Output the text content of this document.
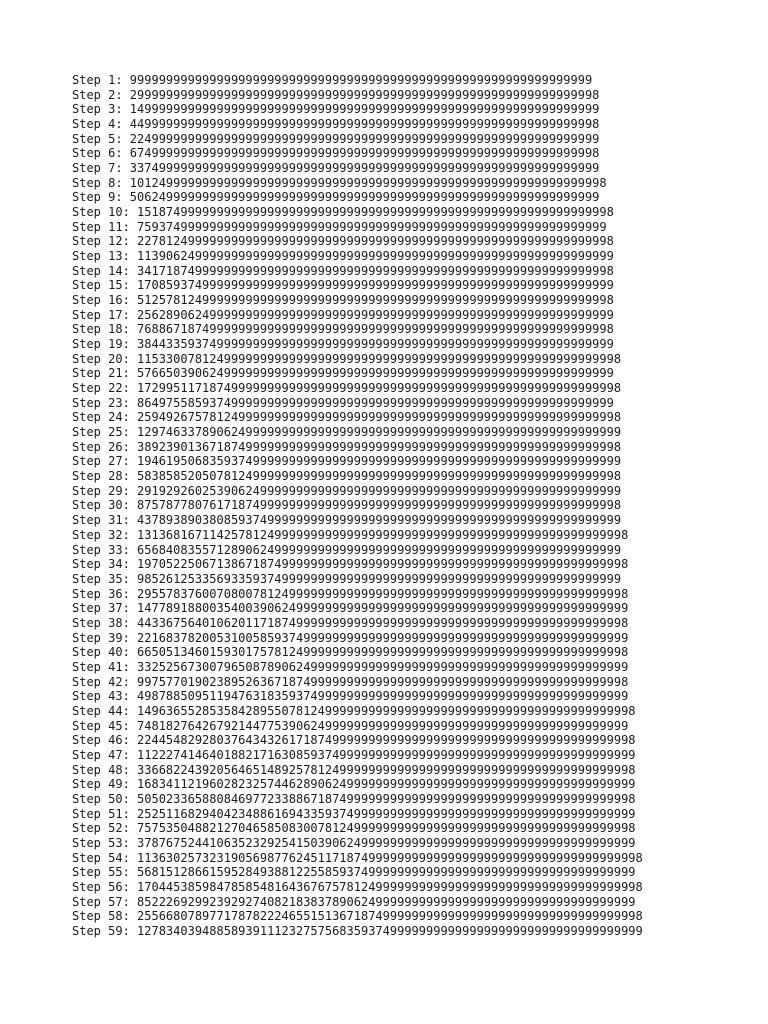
Step 1: 9999999999999999999999999999999999999999999999999999999999999999
Step 2: 29999999999999999999999999999999999999999999999999999999999999998
Step 3: 14999999999999999999999999999999999999999999999999999999999999999
Step 4: 44999999999999999999999999999999999999999999999999999999999999998
Step 5: 22499999999999999999999999999999999999999999999999999999999999999
Step 6: 67499999999999999999999999999999999999999999999999999999999999998
Step 7: 33749999999999999999999999999999999999999999999999999999999999999
Step 8: 101249999999999999999999999999999999999999999999999999999999999998
Step 9: 50624999999999999999999999999999999999999999999999999999999999999
Step 10: 151874999999999999999999999999999999999999999999999999999999999998
Step 11: 75937499999999999999999999999999999999999999999999999999999999999
Step 12: 227812499999999999999999999999999999999999999999999999999999999998
Step 13: 113906249999999999999999999999999999999999999999999999999999999999
Step 14: 341718749999999999999999999999999999999999999999999999999999999998
Step 15: 170859374999999999999999999999999999999999999999999999999999999999
Step 16: 512578124999999999999999999999999999999999999999999999999999999998
Step 17: 256289062499999999999999999999999999999999999999999999999999999999
Step 18: 768867187499999999999999999999999999999999999999999999999999999998
Step 19: 384433593749999999999999999999999999999999999999999999999999999999
Step 20: 1153300781249999999999999999999999999999999999999999999999999999998
Step 21: 576650390624999999999999999999999999999999999999999999999999999999
Step 22: 1729951171874999999999999999999999999999999999999999999999999999998
Step 23: 864975585937499999999999999999999999999999999999999999999999999999
Step 24: 2594926757812499999999999999999999999999999999999999999999999999998
Step 25: 1297463378906249999999999999999999999999999999999999999999999999999
Step 26: 3892390136718749999999999999999999999999999999999999999999999999998
Step 27: 1946195068359374999999999999999999999999999999999999999999999999999
Step 28: 5838585205078124999999999999999999999999999999999999999999999999998
Step 29: 2919292602539062499999999999999999999999999999999999999999999999999
Step 30: 8757877807617187499999999999999999999999999999999999999999999999998
Step 31: 4378938903808593749999999999999999999999999999999999999999999999999
Step 32: 13136816711425781249999999999999999999999999999999999999999999999998
Step 33: 6568408355712890624999999999999999999999999999999999999999999999999
Step 34: 19705225067138671874999999999999999999999999999999999999999999999998
Step 35: 9852612533569335937499999999999999999999999999999999999999999999999
Step 36: 29557837600708007812499999999999999999999999999999999999999999999998
Step 37: 14778918800354003906249999999999999999999999999999999999999999999999
Step 38: 44336756401062011718749999999999999999999999999999999999999999999998
Step 39: 22168378200531005859374999999999999999999999999999999999999999999999
Step 40: 66505134601593017578124999999999999999999999999999999999999999999998
Step 41: 33252567300796508789062499999999999999999999999999999999999999999999
Step 42: 99757701902389526367187499999999999999999999999999999999999999999998
Step 43: 49878850951194763183593749999999999999999999999999999999999999999999
Step 44: 149636552853584289550781249999999999999999999999999999999999999999998
Step 45: 74818276426792144775390624999999999999999999999999999999999999999999
Step 46: 224454829280376434326171874999999999999999999999999999999999999999998
Step 47: 112227414640188217163085937499999999999999999999999999999999999999999
Step 48: 336682243920564651489257812499999999999999999999999999999999999999998
Step 49: 168341121960282325744628906249999999999999999999999999999999999999999
Step 50: 505023365880846977233886718749999999999999999999999999999999999999998
Step 51: 252511682940423488616943359374999999999999999999999999999999999999999
Step 52: 757535048821270465850830078124999999999999999999999999999999999999998
Step 53: 378767524410635232925415039062499999999999999999999999999999999999999
Step 54: 1136302573231905698776245117187499999999999999999999999999999999999998
Step 55: 568151286615952849388122558593749999999999999999999999999999999999999
Step 56: 1704453859847858548164367675781249999999999999999999999999999999999998
Step 57: 852226929923929274082183837890624999999999999999999999999999999999999
Step 58: 2556680789771787822246551513671874999999999999999999999999999999999998
Step 59: 1278340394885893911123275756835937499999999999999999999999999999999999
